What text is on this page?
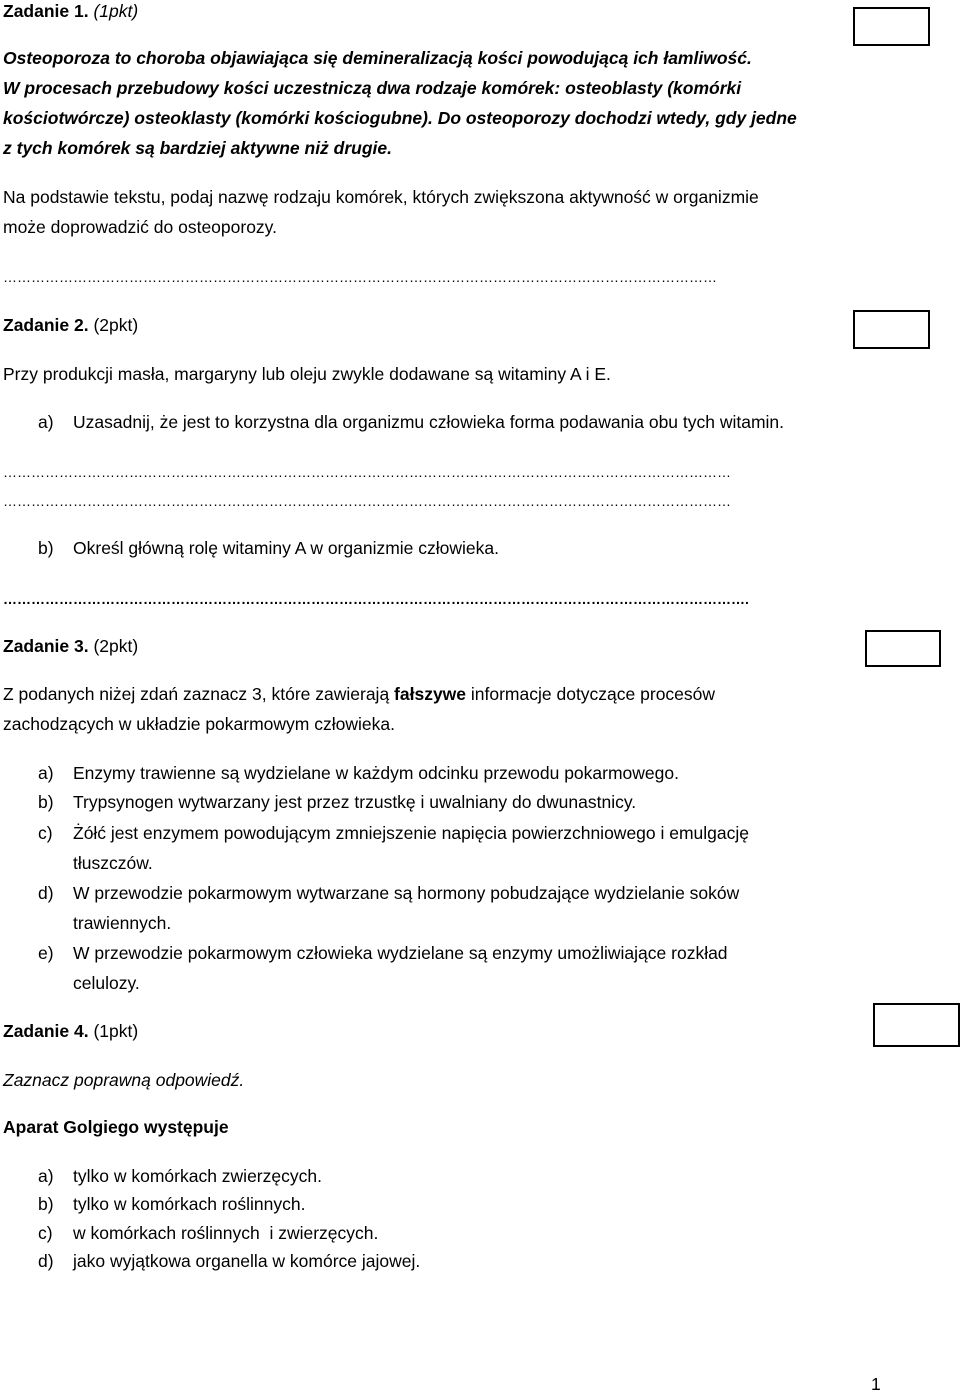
Zadanie 1. (1pkt)
Osteoporoza to choroba objawiająca się demineralizacją kości powodującą ich łamliwość.
W procesach przebudowy kości uczestniczą dwa rodzaje komórek: osteoblasty (komórki
kościotwórcze) osteoklasty (komórki kościogubne). Do osteoporozy dochodzi wtedy, gdy jedne
z tych komórek są bardziej aktywne niż drugie.
Na podstawie tekstu, podaj nazwę rodzaju komórek, których zwiększona aktywność w organizmie
może doprowadzić do osteoporozy.
………………………………………………………………………………………………………………………………………
Zadanie 2. (2pkt)
Przy produkcji masła, margaryny lub oleju zwykle dodawane są witaminy A i E.
a) Uzasadnij, że jest to korzystna dla organizmu człowieka forma podawania obu tych witamin.
…………………………………………………………………………………………………………………………………………
…………………………………………………………………………………………………………………………………………
b) Określ główną rolę witaminy A w organizmie człowieka.
…………………………………………………………………………………………………………………………………………….
Zadanie 3. (2pkt)
Z podanych niżej zdań zaznacz 3, które zawierają fałszywe informacje dotyczące procesów
zachodzących w układzie pokarmowym człowieka.
a) Enzymy trawienne są wydzielane w każdym odcinku przewodu pokarmowego.
b) Trypsynogen wytwarzany jest przez trzustkę i uwalniany do dwunastnicy.
c) Żółć jest enzymem powodującym zmniejszenie napięcia powierzchniowego i emulgację
tłuszczów.
d) W przewodzie pokarmowym wytwarzane są hormony pobudzające wydzielanie soków
trawiennych.
e) W przewodzie pokarmowym człowieka wydzielane są enzymy umożliwiające rozkład
celulozy.
Zadanie 4. (1pkt)
Zaznacz poprawną odpowiedź.
Aparat Golgiego występuje
a) tylko w komórkach zwierzęcych.
b) tylko w komórkach roślinnych.
c) w komórkach roślinnych  i zwierzęcych.
d) jako wyjątkowa organella w komórce jajowej.
1
